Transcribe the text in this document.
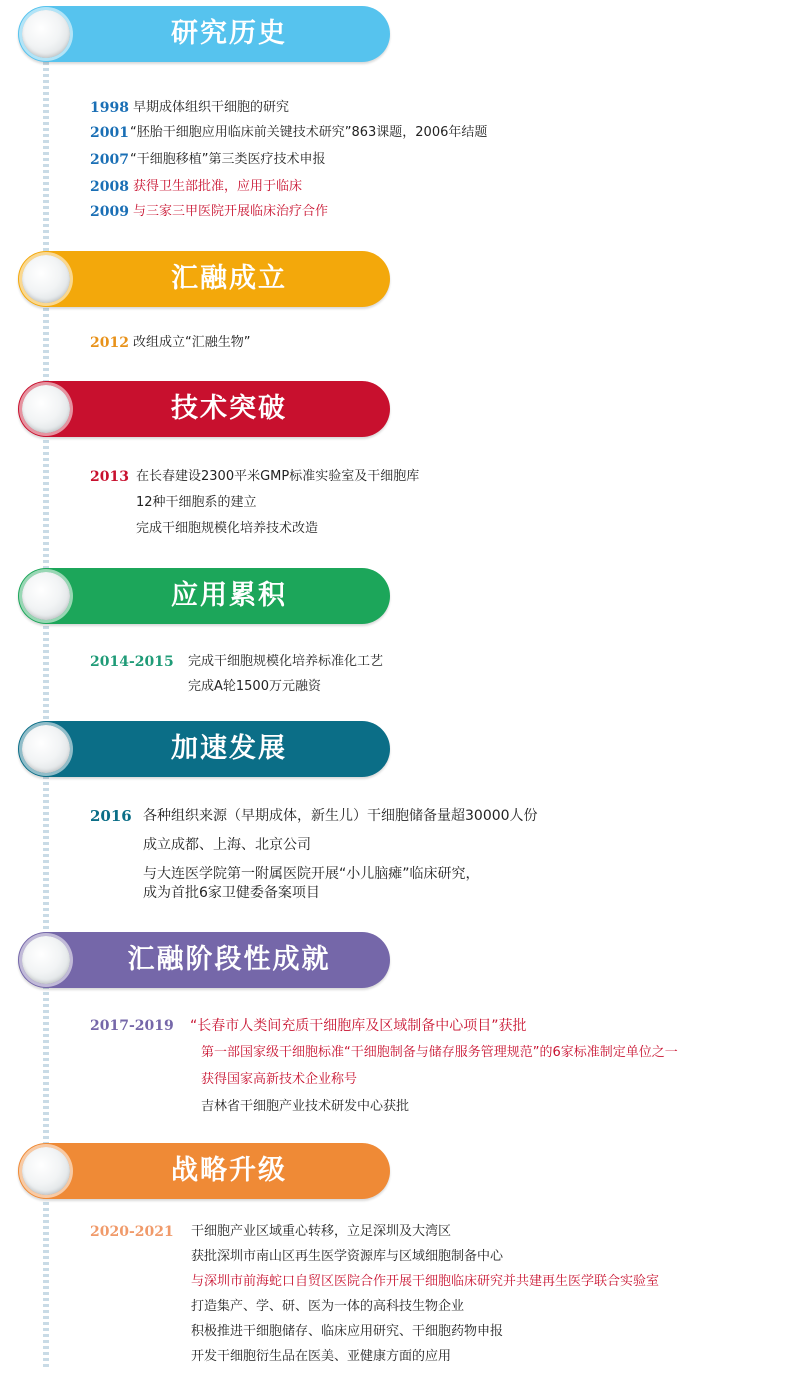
研究历史
1998 早期成体组织干细胞的研究
2001 “胚胎干细胞应用临床前关键技术研究”863课题，2006年结题
2007 “干细胞移植”第三类医疗技术申报
2008 获得卫生部批准，应用于临床
2009 与三家三甲医院开展临床治疗合作
汇融成立
2012 改组成立“汇融生物”
技术突破
2013 在长春建设2300平米GMP标准实验室及干细胞库
12种干细胞系的建立
完成干细胞规模化培养技术改造
应用累积
2014-2015 完成干细胞规模化培养标准化工艺
完成A轮1500万元融资
加速发展
2016 各种组织来源（早期成体，新生儿）干细胞储备量超30000人份
成立成都、上海、北京公司
与大连医学院第一附属医院开展“小儿脑瘫”临床研究，
成为首批6家卫健委备案项目
汇融阶段性成就
2017-2019 “长春市人类间充质干细胞库及区域制备中心项目”获批
第一部国家级干细胞标准“干细胞制备与储存服务管理规范”的6家标准制定单位之一
获得国家高新技术企业称号
吉林省干细胞产业技术研发中心获批
战略升级
2020-2021 干细胞产业区域重心转移，立足深圳及大湾区
获批深圳市南山区再生医学资源库与区域细胞制备中心
与深圳市前海蛇口自贸区医院合作开展干细胞临床研究并共建再生医学联合实验室
打造集产、学、研、医为一体的高科技生物企业
积极推进干细胞储存、临床应用研究、干细胞药物申报
开发干细胞衍生品在医美、亚健康方面的应用
